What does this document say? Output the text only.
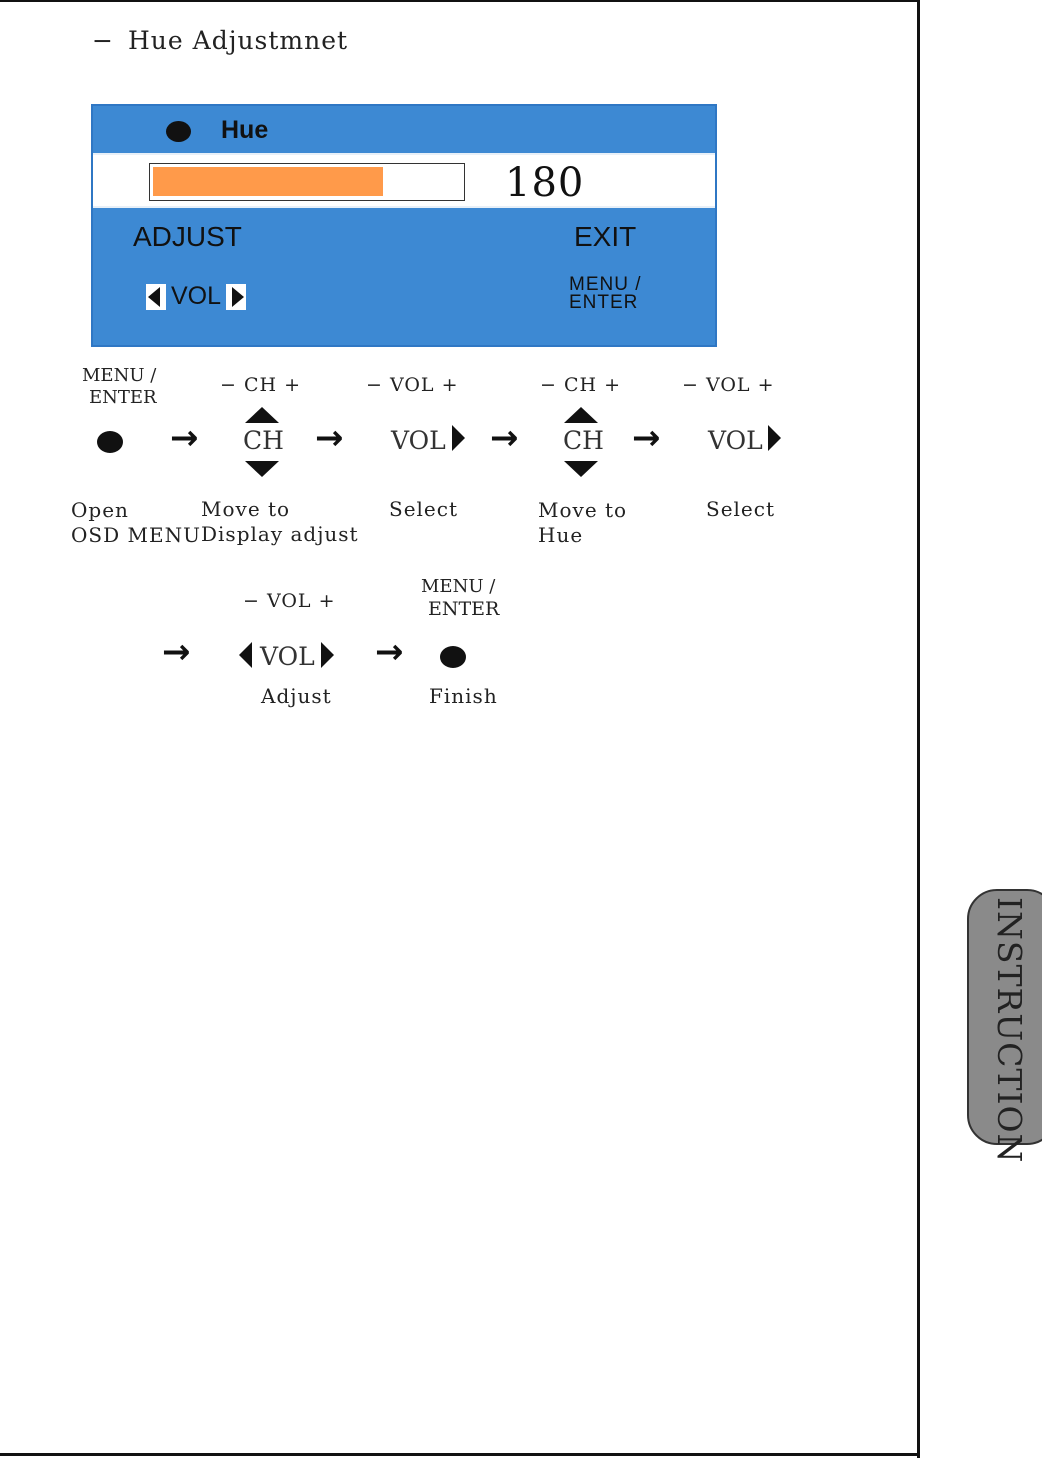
− Hue Adjustmnet
Hue
180
ADJUST	EXIT
VOL	MENU /
ENTER
MENU /
ENTER
→
− CH +
CH →
− VOL +
VOL →
− CH +
CH →
− VOL +
VOL
Open
OSD MENU
Move to
Display adjust
Select	Move to
Hue
Select
→
− VOL +
VOL →
MENU /
ENTER
Adjust	Finish
INSTRUCTION
